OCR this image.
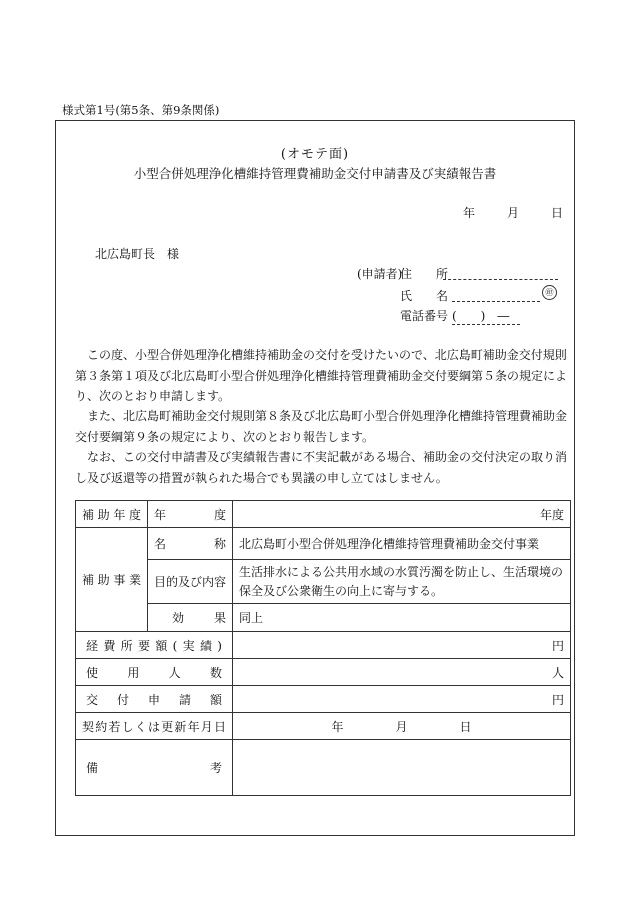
様式第1号(第5条、第9条関係)
(オモテ面)
小型合併処理浄化槽維持管理費補助金交付申請書及び実績報告書
年	月	日
北広島町長　様
(申請者)
住　　所
氏　　名	㊞
電話番号 (　　)　―
この度、小型合併処理浄化槽維持補助金の交付を受けたいので、北広島町補助金交付規則第３条第１項及び北広島町小型合併処理浄化槽維持管理費補助金交付要綱第５条の規定により、次のとおり申請します。
また、北広島町補助金交付規則第８条及び北広島町小型合併処理浄化槽維持管理費補助金交付要綱第９条の規定により、次のとおり報告します。
なお、この交付申請書及び実績報告書に不実記載がある場合、補助金の交付決定の取り消し及び返還等の措置が執られた場合でも異議の申し立てはしません。
補助年度	年　　度	年度
補助事業	名　　称	北広島町小型合併処理浄化槽維持管理費補助金交付事業
	目的及び内容	生活排水による公共用水域の水質汚濁を防止し、生活環境の保全及び公衆衛生の向上に寄与する。
	効　　果	同上
経費所要額(実績)		円
使用人数		人
交付申請額		円
契約若しくは更新年月日		年 月 日
備考		
